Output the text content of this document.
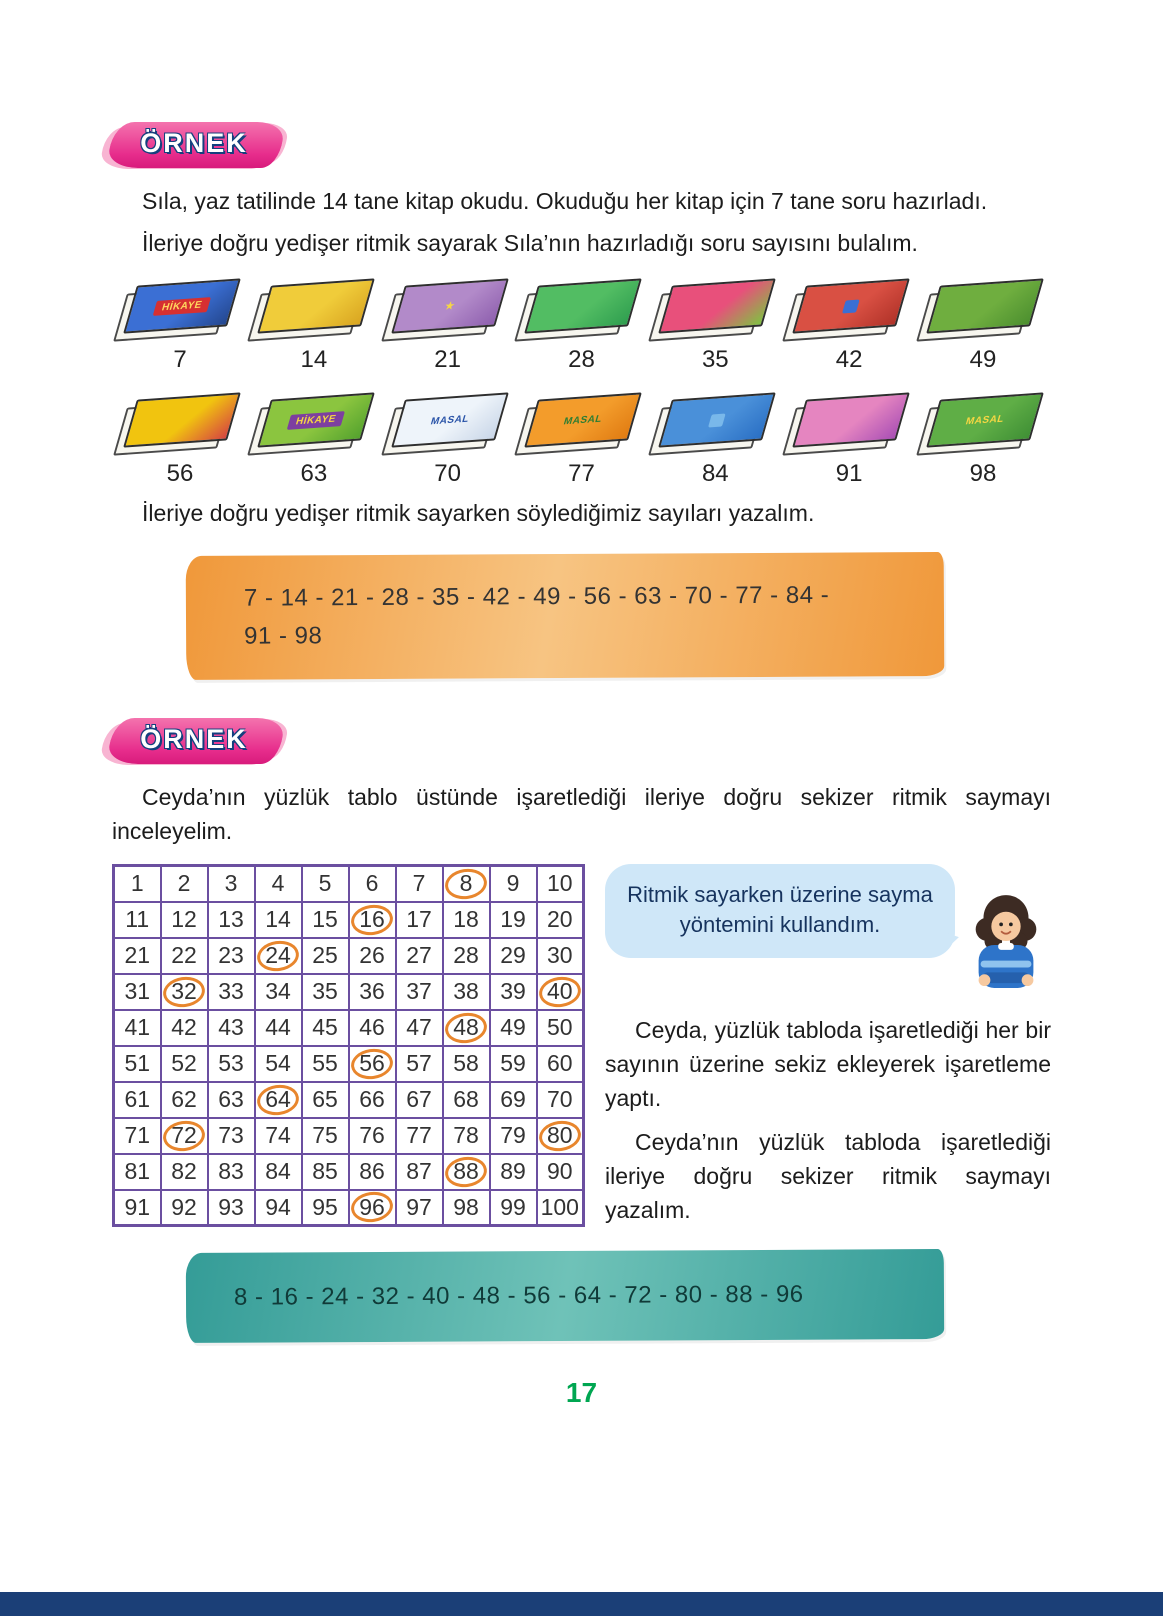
ÖRNEK

Sıla, yaz tatilinde 14 tane kitap okudu. Okuduğu her kitap için 7 tane soru hazırladı.

İleriye doğru yedişer ritmik sayarak Sıla’nın hazırladığı soru sayısını bulalım.

HİKAYE
7	14
★
21	28	35	42	49
56
HİKAYE
63
MASAL
70
MASAL
77	84	91
MASAL
98

İleriye doğru yedişer ritmik sayarken söylediğimiz sayıları yazalım.

7 - 14 - 21 - 28 - 35 - 42 - 49 - 56 - 63 - 70 - 77 - 84 -
91 - 98
ÖRNEK

Ceyda’nın yüzlük tablo üstünde işaretlediği ileriye doğru sekizer ritmik saymayı inceleyelim.

1	2	3	4	5	6	7	8	9	10
11	12	13	14	15	16	17	18	19	20
21	22	23	24	25	26	27	28	29	30
31	32	33	34	35	36	37	38	39	40

41	42	43	44	45	46	47	48	49	50
51	52	53	54	55	56	57	58	59	60
61	62	63	64	65	66	67	68	69	70
71	72	73	74	75	76	77	78	79	80

81	82	83	84	85	86	87	88	89	90
91	92	93	94	95	96	97	98	99	100
Ritmik sayarken üzerine sayma yöntemini kullandım.

Ceyda, yüzlük tabloda işaretlediği her bir sayının üzerine sekiz ekleyerek işaretleme yaptı.

Ceyda’nın yüzlük tabloda işaretlediği ileriye doğru sekizer ritmik saymayı yazalım.

8 - 16 - 24 - 32 - 40 - 48 - 56 - 64 - 72 - 80 - 88 - 96
17
